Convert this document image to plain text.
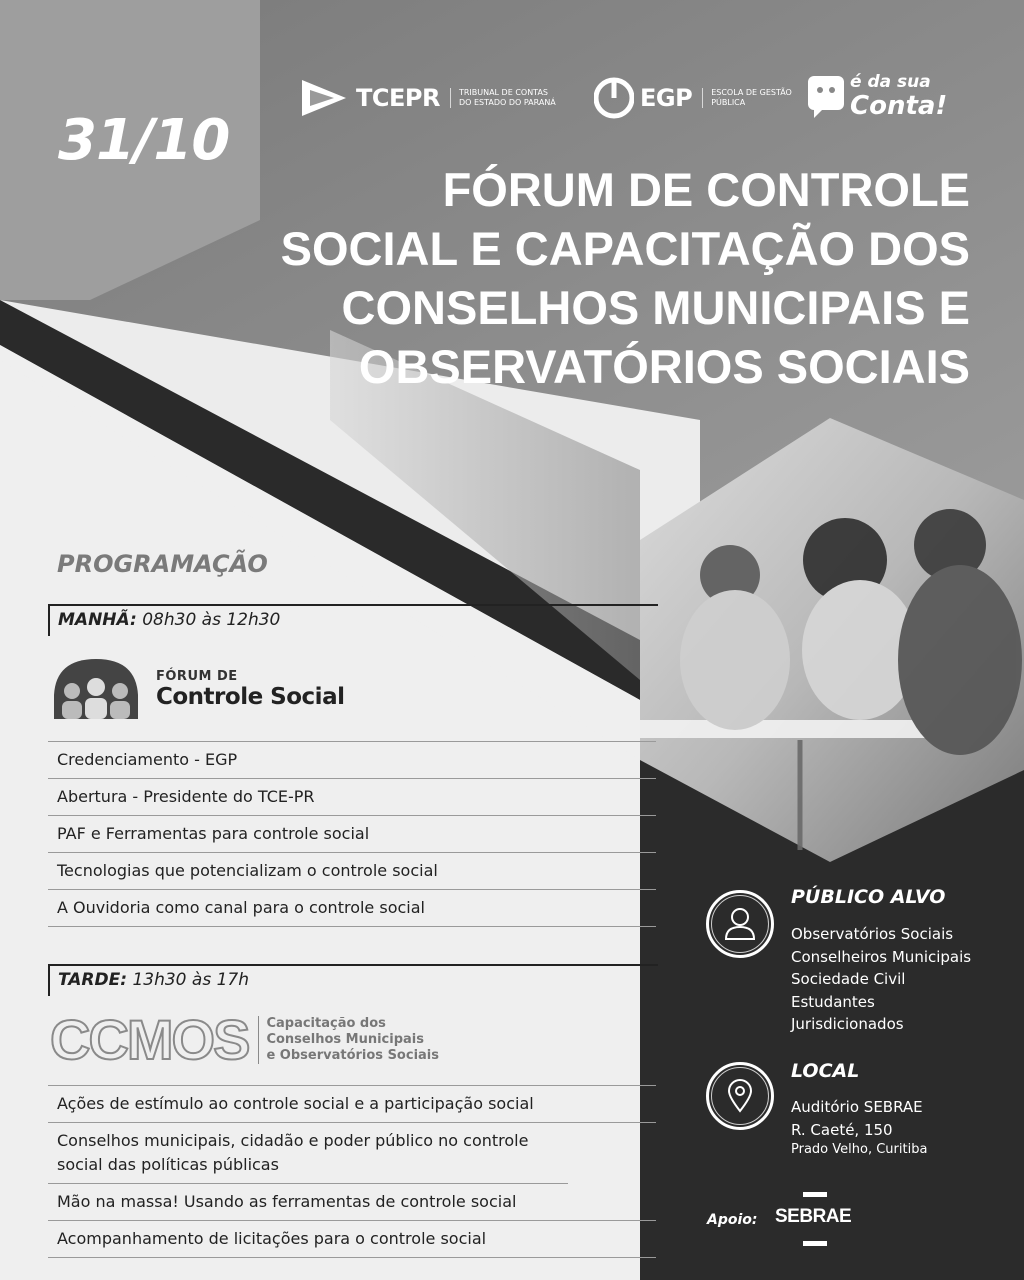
TCEPR	TRIBUNAL DE CONTAS DO ESTADO DO PARANÁ	EGP	ESCOLA DE GESTÃO PÚBLICA
é da sua
Conta!
31/10
FÓRUM DE CONTROLE SOCIAL E CAPACITAÇÃO DOS CONSELHOS MUNICIPAIS E OBSERVATÓRIOS SOCIAIS
PROGRAMAÇÃO
MANHÃ: 08h30 às 12h30
FÓRUM DE
Controle Social
Credenciamento - EGP
Abertura - Presidente do TCE-PR
PAF e Ferramentas para controle social
Tecnologias que potencializam o controle social
A Ouvidoria como canal para o controle social
TARDE: 13h30 às 17h
CCMOS Capacitação dos
Conselhos Municipais
e Observatórios Sociais
Ações de estímulo ao controle social e a participação social
Conselhos municipais, cidadão e poder público no controle social das políticas públicas
Mão na massa! Usando as ferramentas de controle social
Acompanhamento de licitações para o controle social
PÚBLICO ALVO
Observatórios Sociais
Conselheiros Municipais
Sociedade Civil
Estudantes
Jurisdicionados
LOCAL
Auditório SEBRAE
R. Caeté, 150
Prado Velho, Curitiba
Apoio: SEBRAE
